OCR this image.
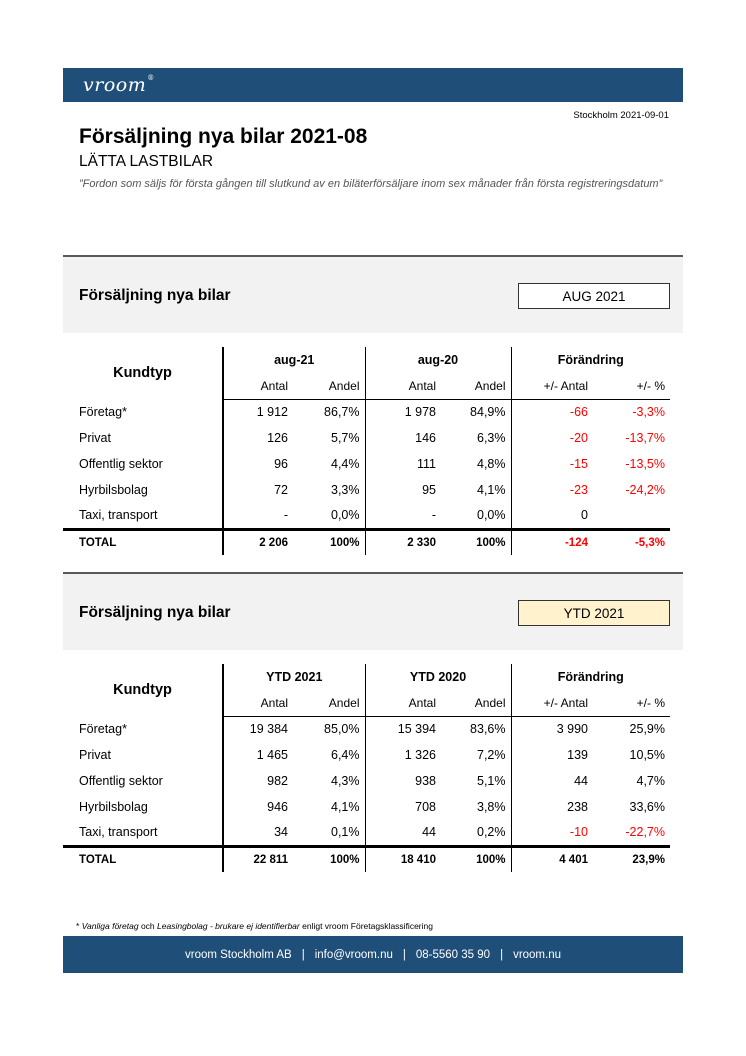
vroom®
Stockholm 2021-09-01
Försäljning nya bilar 2021-08
LÄTTA LASTBILAR
”Fordon som säljs för första gången till slutkund av en biläterförsäljare inom sex månader från första registreringsdatum”
Försäljning nya bilar	AUG 2021

Kundtyp	aug-21		aug-20		Förändring	
	Antal	Andel	Antal	Andel	+/- Antal	+/- %
Företag*	1 912	86,7%	1 978	84,9%	-66	-3,3%
Privat	126	5,7%	146	6,3%	-20	-13,7%
Offentlig sektor	96	4,4%	111	4,8%	-15	-13,5%
Hyrbilsbolag	72	3,3%	95	4,1%	-23	-24,2%
Taxi, transport	-	0,0%	-	0,0%	0	
TOTAL	2 206	100%	2 330	100%	-124	-5,3%
Försäljning nya bilar	YTD 2021

Kundtyp	YTD 2021		YTD 2020		Förändring	
	Antal	Andel	Antal	Andel	+/- Antal	+/- %
Företag*	19 384	85,0%	15 394	83,6%	3 990	25,9%
Privat	1 465	6,4%	1 326	7,2%	139	10,5%
Offentlig sektor	982	4,3%	938	5,1%	44	4,7%
Hyrbilsbolag	946	4,1%	708	3,8%	238	33,6%
Taxi, transport	34	0,1%	44	0,2%	-10	-22,7%
TOTAL	22 811	100%	18 410	100%	4 401	23,9%
* Vanliga företag och Leasingbolag - brukare ej identifierbar enligt vroom Företagsklassificering
vroom Stockholm AB | info@vroom.nu | 08-5560 35 90 | vroom.nu
